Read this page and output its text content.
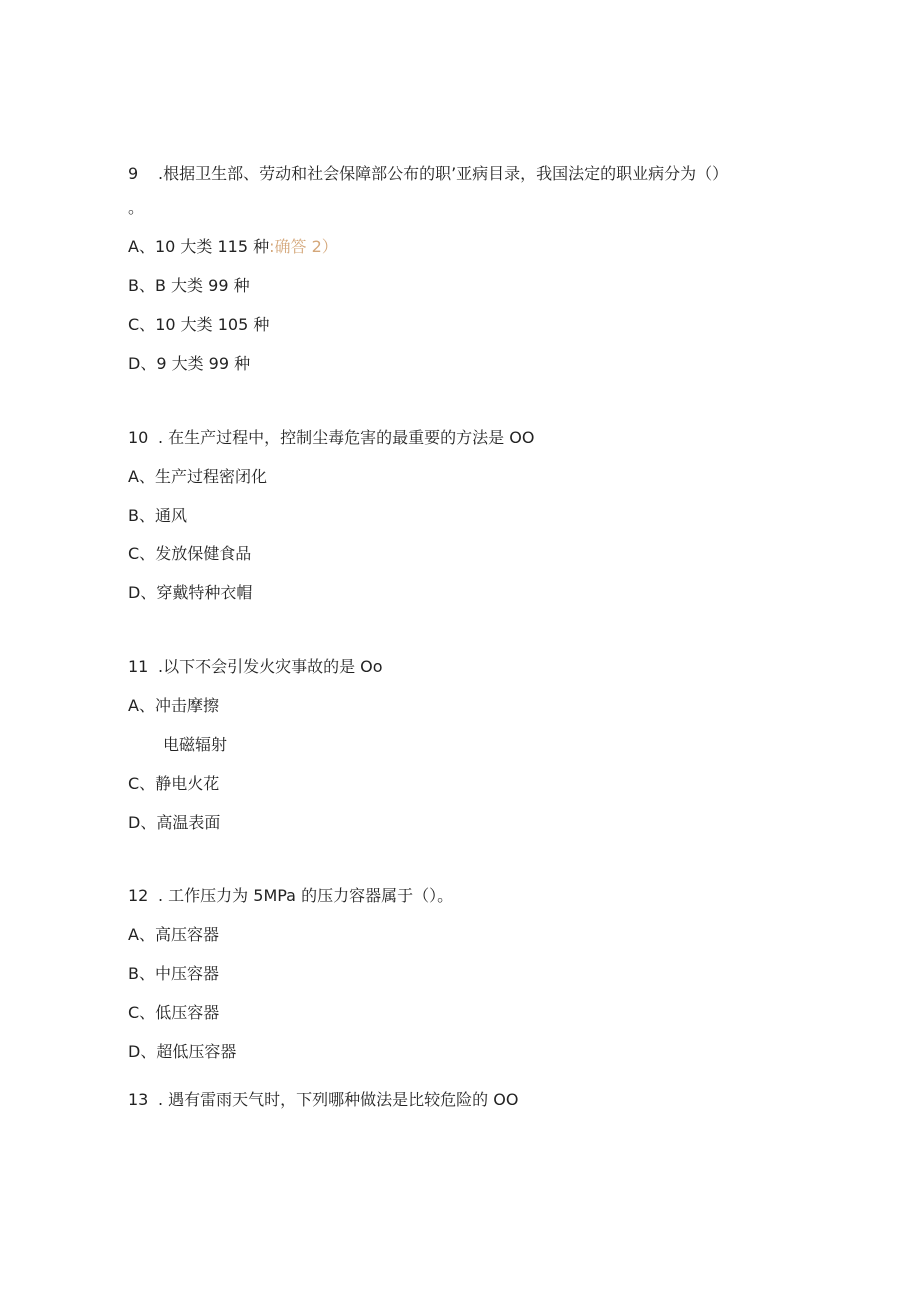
9 .根据卫生部、劳动和社会保障部公布的职’亚病目录，我国法定的职业病分为（）
。
A、10 大类 115 种:确答 2）
B、B 大类 99 种
C、10 大类 105 种
D、9 大类 99 种
10 . 在生产过程中，控制尘毒危害的最重要的方法是 OO
A、生产过程密闭化
B、通风
C、发放保健食品
D、穿戴特种衣帽
11 .以下不会引发火灾事故的是 Oo
A、冲击摩擦
电磁辐射
C、静电火花
D、高温表面
12 . 工作压力为 5MPa 的压力容器属于（）。
A、高压容器
B、中压容器
C、低压容器
D、超低压容器
13 . 遇有雷雨天气时，下列哪种做法是比较危险的 OO
